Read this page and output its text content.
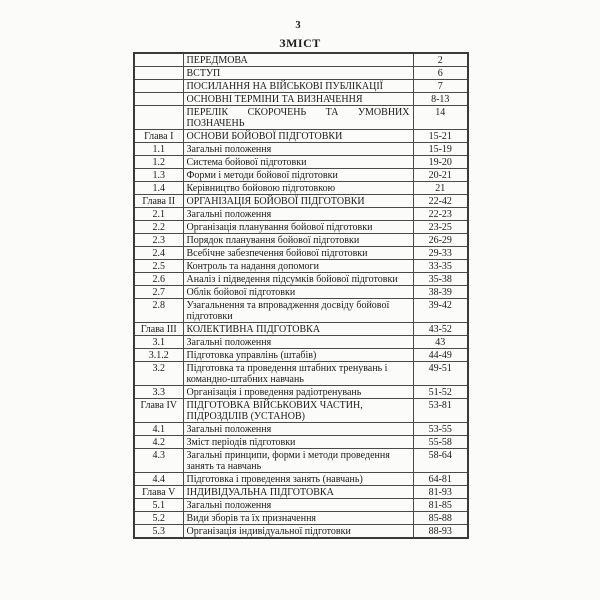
3
ЗМІСТ
	ПЕРЕДМОВА	2
	ВСТУП	6
	ПОСИЛАННЯ НА ВІЙСЬКОВІ ПУБЛІКАЦІЇ	7
	ОСНОВНІ ТЕРМІНИ ТА ВИЗНАЧЕННЯ	8-13
	ПЕРЕЛІК СКОРОЧЕНЬ ТА УМОВНИХ ПОЗНАЧЕНЬ	14
Глава I	ОСНОВИ БОЙОВОЇ ПІДГОТОВКИ	15-21
1.1	Загальні положення	15-19
1.2	Система бойової підготовки	19-20
1.3	Форми і методи бойової підготовки	20-21
1.4	Керівництво бойовою підготовкою	21
Глава II	ОРГАНІЗАЦІЯ БОЙОВОЇ ПІДГОТОВКИ	22-42
2.1	Загальні положення	22-23
2.2	Організація планування бойової підготовки	23-25
2.3	Порядок планування бойової підготовки	26-29
2.4	Всебічне забезпечення бойової підготовки	29-33
2.5	Контроль та надання допомоги	33-35
2.6	Аналіз і підведення підсумків бойової підготовки	35-38
2.7	Облік бойової підготовки	38-39
2.8	Узагальнення та впровадження досвіду бойової підготовки	39-42
Глава III	КОЛЕКТИВНА ПІДГОТОВКА	43-52
3.1	Загальні положення	43
3.1.2	Підготовка управлінь (штабів)	44-49
3.2	Підготовка та проведення штабних тренувань і командно-штабних навчань	49-51
3.3	Організація і проведення радіотренувань	51-52
Глава IV	ПІДГОТОВКА ВІЙСЬКОВИХ ЧАСТИН, ПІДРОЗДІЛІВ (УСТАНОВ)	53-81
4.1	Загальні положення	53-55
4.2	Зміст періодів підготовки	55-58
4.3	Загальні принципи, форми і методи проведення занять та навчань	58-64
4.4	Підготовка і проведення занять (навчань)	64-81
Глава V	ІНДИВІДУАЛЬНА ПІДГОТОВКА	81-93
5.1	Загальні положення	81-85
5.2	Види зборів та їх призначення	85-88
5.3	Організація індивідуальної підготовки	88-93
